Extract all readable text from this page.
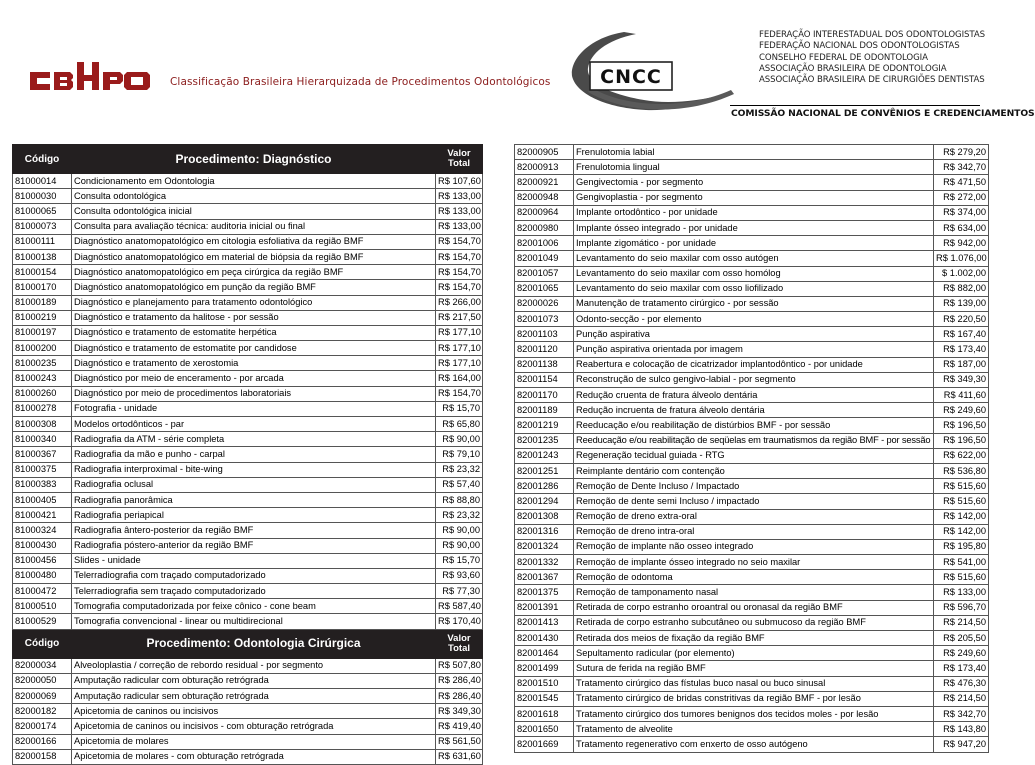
CBHPO
Classificação Brasileira Hierarquizada de Procedimentos Odontológicos	CNCC
FEDERAÇÃO INTERESTADUAL DOS ODONTOLOGISTAS
FEDERAÇÃO NACIONAL DOS ODONTOLOGISTAS
CONSELHO FEDERAL DE ODONTOLOGIA
ASSOCIAÇÃO BRASILEIRA DE ODONTOLOGIA
ASSOCIAÇÃO BRASILEIRA DE CIRURGIÕES DENTISTAS
COMISSÃO NACIONAL DE CONVÊNIOS E CREDENCIAMENTOS
Código	Procedimento: Diagnóstico	Valor
Total

81000014	Condicionamento em Odontologia	R$ 107,60
81000030	Consulta odontológica	R$ 133,00
81000065	Consulta odontológica inicial	R$ 133,00
81000073	Consulta para avaliação técnica: auditoria inicial ou final	R$ 133,00
81000111	Diagnóstico anatomopatológico em citologia esfoliativa da região BMF	R$ 154,70
81000138	Diagnóstico anatomopatológico em material de biópsia da região BMF	R$ 154,70
81000154	Diagnóstico anatomopatológico em peça cirúrgica da região BMF	R$ 154,70
81000170	Diagnóstico anatomopatológico em punção da região BMF	R$ 154,70
81000189	Diagnóstico e planejamento para tratamento odontológico	R$ 266,00
81000219	Diagnóstico e tratamento da halitose - por sessão	R$ 217,50
81000197	Diagnóstico e tratamento de estomatite herpética	R$ 177,10
81000200	Diagnóstico e tratamento de estomatite por candidose	R$ 177,10
81000235	Diagnóstico e tratamento de xerostomia	R$ 177,10
81000243	Diagnóstico por meio de enceramento - por arcada	R$ 164,00
81000260	Diagnóstico por meio de procedimentos laboratoriais	R$ 154,70
81000278	Fotografia - unidade	R$ 15,70
81000308	Modelos ortodônticos - par	R$ 65,80
81000340	Radiografia da ATM - série completa	R$ 90,00
81000367	Radiografia da mão e punho - carpal	R$ 79,10
81000375	Radiografia interproximal - bite-wing	R$ 23,32
81000383	Radiografia oclusal	R$ 57,40
81000405	Radiografia panorâmica	R$ 88,80
81000421	Radiografia periapical	R$ 23,32
81000324	Radiografia ântero-posterior da região BMF	R$ 90,00
81000430	Radiografia póstero-anterior da região BMF	R$ 90,00
81000456	Slides - unidade	R$ 15,70
81000480	Telerradiografia com traçado computadorizado	R$ 93,60
81000472	Telerradiografia sem traçado computadorizado	R$ 77,30
81000510	Tomografia computadorizada por feixe cônico - cone beam	R$ 587,40
81000529	Tomografia convencional - linear ou multidirecional	R$ 170,40
Código	Procedimento: Odontologia Cirúrgica	Valor
Total

82000034	Alveoloplastia / correção de rebordo residual - por segmento	R$ 507,80
82000050	Amputação radicular com obturação retrógrada	R$ 286,40
82000069	Amputação radicular sem obturação retrógrada	R$ 286,40
82000182	Apicetomia de caninos ou incisivos	R$ 349,30
82000174	Apicetomia de caninos ou incisivos - com obturação retrógrada	R$ 419,40
82000166	Apicetomia de molares	R$ 561,50
82000158	Apicetomia de molares - com obturação retrógrada	R$ 631,60
82000905	Frenulotomia labial	R$ 279,20
82000913	Frenulotomia lingual	R$ 342,70
82000921	Gengivectomia - por segmento	R$ 471,50
82000948	Gengivoplastia - por segmento	R$ 272,00
82000964	Implante ortodôntico - por unidade	R$ 374,00
82000980	Implante ósseo integrado - por unidade	R$ 634,00
82001006	Implante zigomático - por unidade	R$ 942,00
82001049	Levantamento do seio maxilar com osso autógen	R$ 1.076,00
82001057	Levantamento do seio maxilar com osso homólog	$ 1.002,00
82001065	Levantamento do seio maxilar com osso liofilizado	R$ 882,00
82000026	Manutenção de tratamento cirúrgico - por sessão	R$ 139,00
82001073	Odonto-secção - por elemento	R$ 220,50
82001103	Punção aspirativa	R$ 167,40
82001120	Punção aspirativa orientada por imagem	R$ 173,40
82001138	Reabertura e colocação de cicatrizador implantodôntico - por unidade	R$ 187,00
82001154	Reconstrução de sulco gengivo-labial - por segmento	R$ 349,30
82001170	Redução cruenta de fratura álveolo dentária	R$ 411,60
82001189	Redução incruenta de fratura álveolo dentária	R$ 249,60
82001219	Reeducação e/ou reabilitação de distúrbios BMF - por sessão	R$ 196,50
82001235	Reeducação e/ou reabilitação de seqüelas em traumatismos da região BMF - por sessão	R$ 196,50
82001243	Regeneração tecidual guiada - RTG	R$ 622,00
82001251	Reimplante dentário com contenção	R$ 536,80
82001286	Remoção de Dente Incluso / Impactado	R$ 515,60
82001294	Remoção de dente semi Incluso / impactado	R$ 515,60
82001308	Remoção de dreno extra-oral	R$ 142,00
82001316	Remoção de dreno intra-oral	R$ 142,00
82001324	Remoção de implante não osseo integrado	R$ 195,80
82001332	Remoção de implante ósseo integrado no seio maxilar	R$ 541,00
82001367	Remoção de odontoma	R$ 515,60
82001375	Remoção de tamponamento nasal	R$ 133,00
82001391	Retirada de corpo estranho oroantral ou oronasal da região BMF	R$ 596,70
82001413	Retirada de corpo estranho subcutâneo ou submucoso da região BMF	R$ 214,50
82001430	Retirada dos meios de fixação da região BMF	R$ 205,50
82001464	Sepultamento radicular (por elemento)	R$ 249,60
82001499	Sutura de ferida na região BMF	R$ 173,40
82001510	Tratamento cirúrgico das fístulas buco nasal ou buco sinusal	R$ 476,30
82001545	Tratamento cirúrgico de bridas constritivas da região BMF - por lesão	R$ 214,50
82001618	Tratamento cirúrgico dos tumores benignos dos tecidos moles - por lesão	R$ 342,70
82001650	Tratamento de alveolite	R$ 143,80
82001669	Tratamento regenerativo com enxerto de osso autógeno	R$ 947,20
